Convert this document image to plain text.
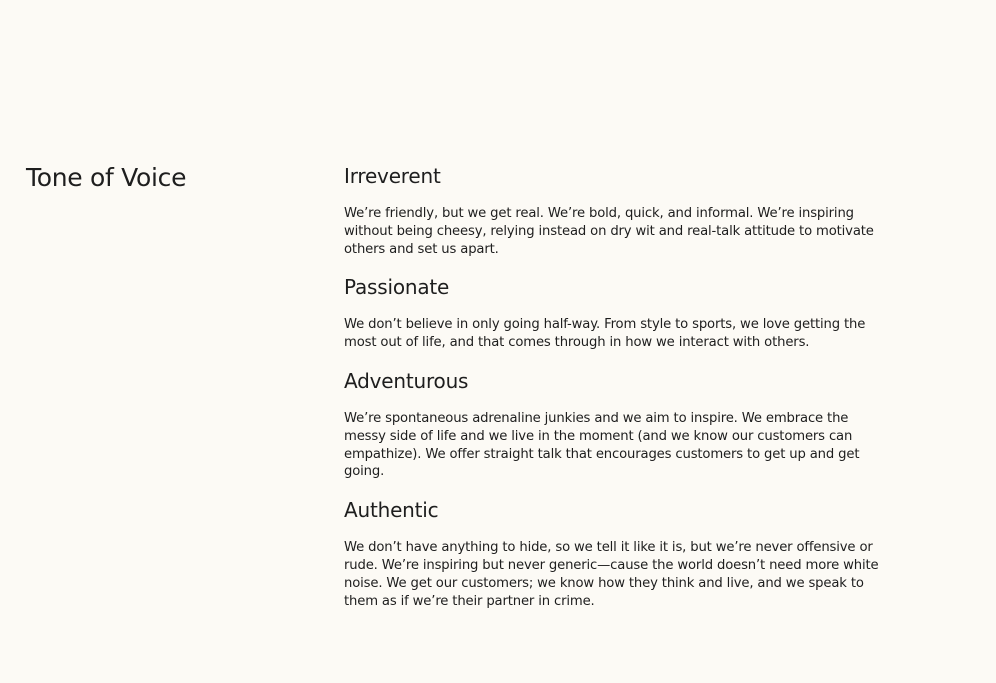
Tone of Voice	Irreverent

We’re friendly, but we get real. We’re bold, quick, and informal. We’re inspiring without being cheesy, relying instead on dry wit and real-talk attitude to motivate others and set us apart.

Passionate

We don’t believe in only going half-way. From style to sports, we love getting the most out of life, and that comes through in how we interact with others.

Adventurous

We’re spontaneous adrenaline junkies and we aim to inspire. We embrace the messy side of life and we live in the moment (and we know our customers can empathize). We offer straight talk that encourages customers to get up and get going.

Authentic

We don’t have anything to hide, so we tell it like it is, but we’re never offensive or rude. We’re inspiring but never generic—cause the world doesn’t need more white noise. We get our customers; we know how they think and live, and we speak to them as if we’re their partner in crime.
